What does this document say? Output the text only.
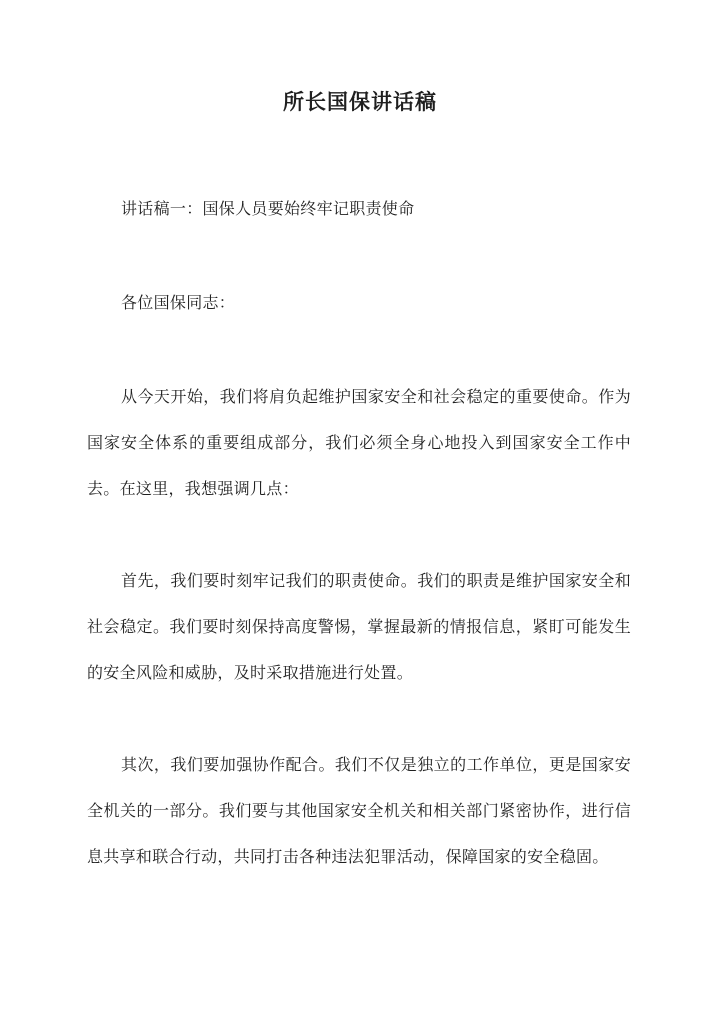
所长国保讲话稿

讲话稿一：国保人员要始终牢记职责使命

各位国保同志：

从今天开始，我们将肩负起维护国家安全和社会稳定的重要使命。作为国家安全体系的重要组成部分，我们必须全身心地投入到国家安全工作中去。在这里，我想强调几点：

首先，我们要时刻牢记我们的职责使命。我们的职责是维护国家安全和社会稳定。我们要时刻保持高度警惕，掌握最新的情报信息，紧盯可能发生的安全风险和威胁，及时采取措施进行处置。

其次，我们要加强协作配合。我们不仅是独立的工作单位，更是国家安全机关的一部分。我们要与其他国家安全机关和相关部门紧密协作，进行信息共享和联合行动，共同打击各种违法犯罪活动，保障国家的安全稳固。
